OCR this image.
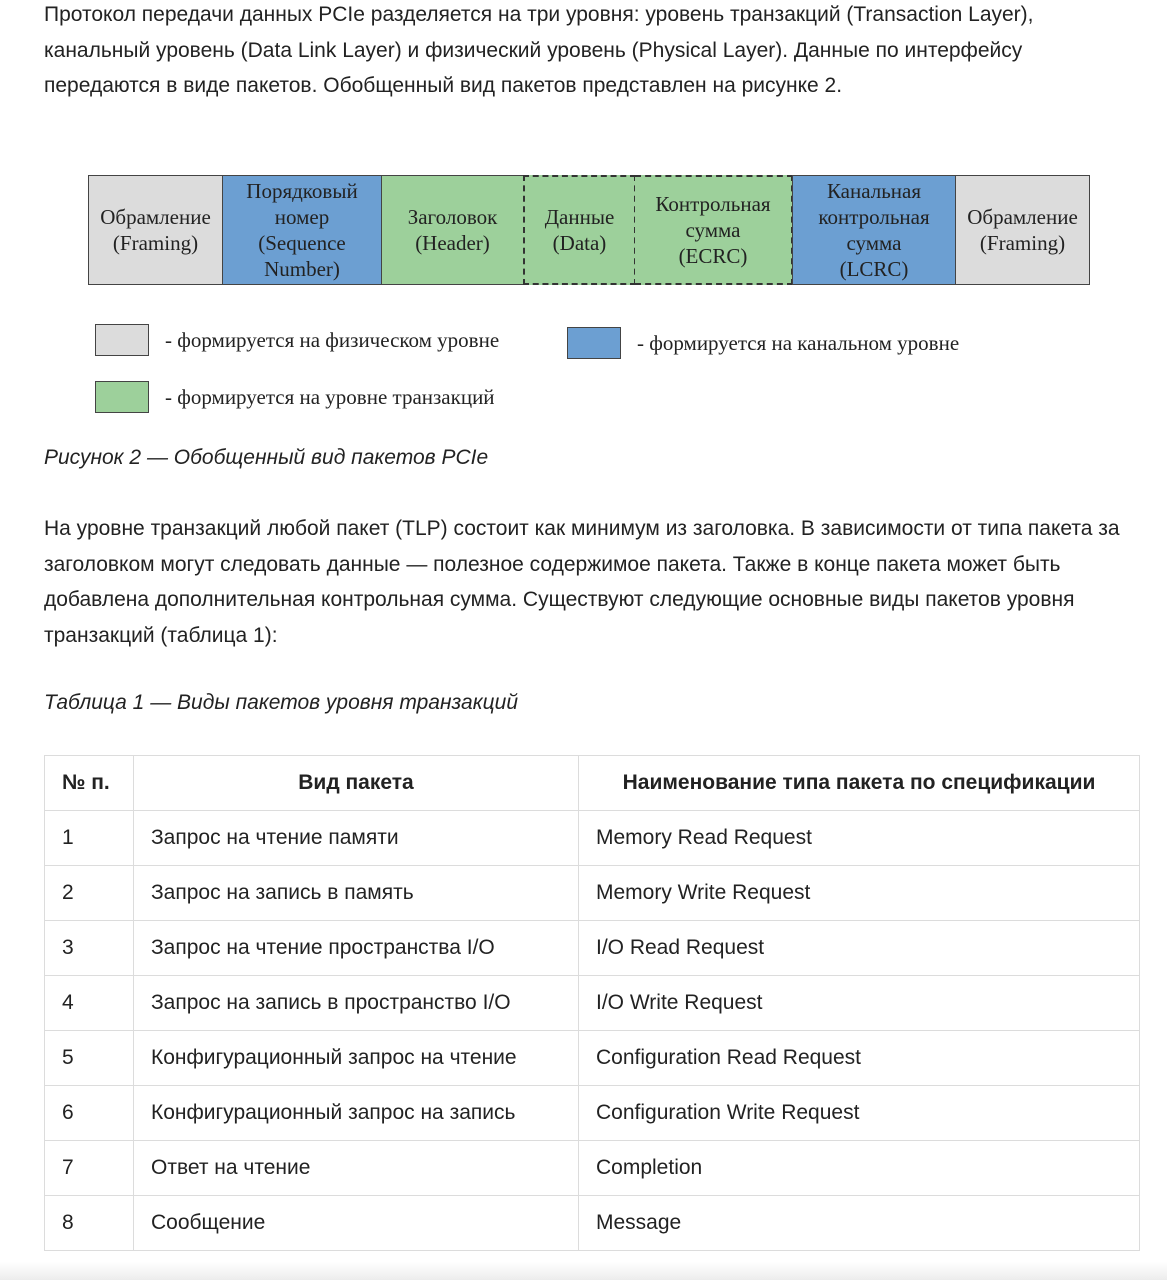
Протокол передачи данных PCIe разделяется на три уровня: уровень транзакций (Transaction Layer), канальный уровень (Data Link Layer) и физический уровень (Physical Layer). Данные по интерфейсу передаются в виде пакетов. Обобщенный вид пакетов представлен на рисунке 2.

Обрамление
(Framing)
Порядковый
номер
(Sequence
Number)
Заголовок
(Header)
Данные
(Data)
Контрольная
сумма
(ECRC)
Канальная
контрольная
сумма
(LCRC)
Обрамление
(Framing)
- формируется на физическом уровне	- формируется на канальном уровне
- формируется на уровне транзакций

Рисунок 2 — Обобщенный вид пакетов PCIe

На уровне транзакций любой пакет (TLP) состоит как минимум из заголовка. В зависимости от типа пакета за заголовком могут следовать данные — полезное содержимое пакета. Также в конце пакета может быть добавлена дополнительная контрольная сумма. Существуют следующие основные виды пакетов уровня транзакций (таблица 1):

Таблица 1 — Виды пакетов уровня транзакций

№ п.	Вид пакета	Наименование типа пакета по спецификации
1	Запрос на чтение памяти	Memory Read Request
2	Запрос на запись в память	Memory Write Request
3	Запрос на чтение пространства I/O	I/O Read Request
4	Запрос на запись в пространство I/O	I/O Write Request
5	Конфигурационный запрос на чтение	Configuration Read Request
6	Конфигурационный запрос на запись	Configuration Write Request
7	Ответ на чтение	Completion
8	Сообщение	Message
